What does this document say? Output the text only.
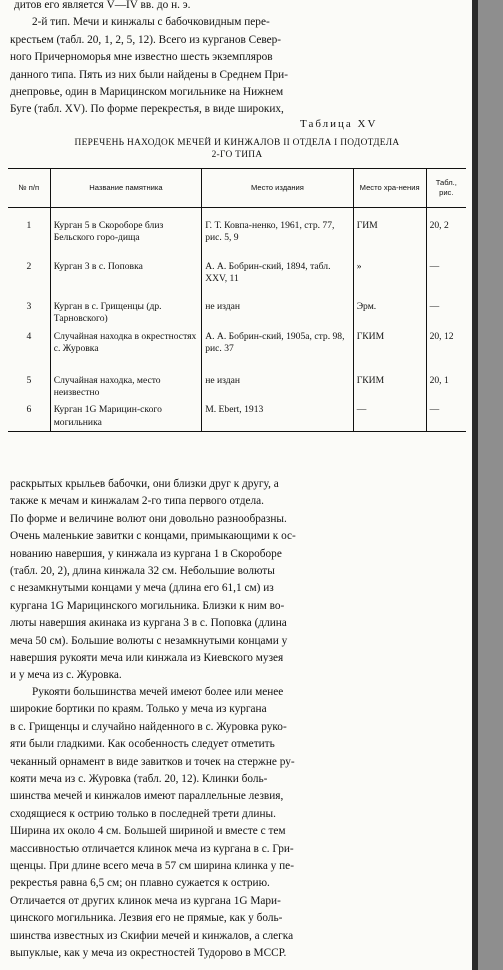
дитов его является V—IV вв. до н. э.
2-й тип. Мечи и кинжалы с бабочковидным пере-
крестьем (табл. 20, 1, 2, 5, 12). Всего из курганов Север-
ного Причерноморья мне известно шесть экземпляров
данного типа. Пять из них были найдены в Среднем При-
днепровье, один в Марицинском могильнике на Нижнем
Буге (табл. XV). По форме перекрестья, в виде широких,
Таблица XV
ПЕРЕЧЕНЬ НАХОДОК МЕЧЕЙ И КИНЖАЛОВ II ОТДЕЛА I ПОДОТДЕЛА
2-ГО ТИПА
№ п/п	Название памятника	Место издания	Место хра-нения	Табл., рис.
1	Курган 5 в Скороборе близ Бельского горо-дища	Г. Т. Ковпа-ненко, 1961, стр. 77, рис. 5, 9	ГИМ	20, 2
2	Курган 3 в с. Поповка	А. А. Бобрин-ский, 1894, табл. XXV, 11	»	—
3	Курган в с. Грищенцы (др. Тарновского)	не издан	Эрм.	—
4	Случайная находка в окрестностях с. Журовка	А. А. Бобрин-ский, 1905а, стр. 98, рис. 37	ГКИМ	20, 12
5	Случайная находка, место неизвестно	не издан	ГКИМ	20, 1
6	Курган 1G Марицин-ского могильника	M. Ebert, 1913	—	—
раскрытых крыльев бабочки, они близки друг к другу, а
также к мечам и кинжалам 2-го типа первого отдела.
По форме и величине волют они довольно разнообразны.
Очень маленькие завитки с концами, примыкающими к ос-
нованию навершия, у кинжала из кургана 1 в Скороборе
(табл. 20, 2), длина кинжала 32 см. Небольшие волюты
с незамкнутыми концами у меча (длина его 61,1 см) из
кургана 1G Марицинского могильника. Близки к ним во-
люты навершия акинака из кургана 3 в с. Поповка (длина
меча 50 см). Большие волюты с незамкнутыми концами у
навершия рукояти меча или кинжала из Киевского музея
и у меча из с. Журовка.
Рукояти большинства мечей имеют более или менее
широкие бортики по краям. Только у меча из кургана
в с. Грищенцы и случайно найденного в с. Журовка руко-
яти были гладкими. Как особенность следует отметить
чеканный орнамент в виде завитков и точек на стержне ру-
кояти меча из с. Журовка (табл. 20, 12). Клинки боль-
шинства мечей и кинжалов имеют параллельные лезвия,
сходящиеся к острию только в последней трети длины.
Ширина их около 4 см. Большей шириной и вместе с тем
массивностью отличается клинок меча из кургана в с. Гри-
щенцы. При длине всего меча в 57 см ширина клинка у пе-
рекрестья равна 6,5 см; он плавно сужается к острию.
Отличается от других клинок меча из кургана 1G Мари-
цинского могильника. Лезвия его не прямые, как у боль-
шинства известных из Скифии мечей и кинжалов, а слегка
выпуклые, как у меча из окрестностей Тудорово в МССР.
